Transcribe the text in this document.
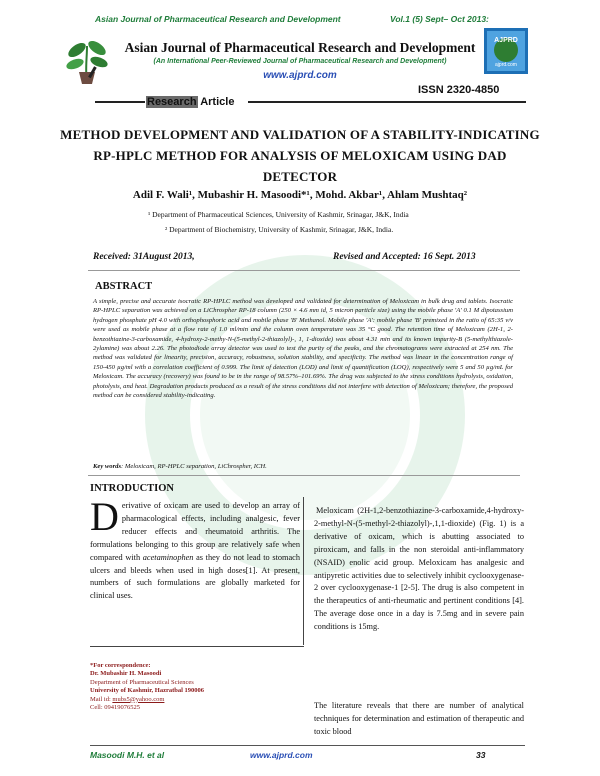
Asian Journal of Pharmaceutical Research and Development	Vol.1 (5) Sept– Oct 2013:
AJPRD
ajprd.com
Asian Journal of Pharmaceutical Research and Development
(An International Peer-Reviewed Journal of Pharmaceutical Research and Development)
www.ajprd.com
ISSN 2320-4850
Research Article
METHOD DEVELOPMENT AND VALIDATION OF A STABILITY-INDICATING RP-HPLC METHOD FOR ANALYSIS OF MELOXICAM USING DAD DETECTOR
Adil F. Wali¹, Mubashir H. Masoodi*¹, Mohd. Akbar¹, Ahlam Mushtaq²
¹ Department of Pharmaceutical Sciences, University of Kashmir, Srinagar, J&K, India
² Department of Biochemistry, University of Kashmir, Srinagar, J&K, India.
Received: 31August 2013,	Revised and Accepted: 16 Sept. 2013
ABSTRACT
A simple, precise and accurate isocratic RP-HPLC method was developed and validated for determination of Meloxicam in bulk drug and tablets. Isocratic RP-HPLC separation was achieved on a LiChrospher RP-18 column (250 × 4.6 mm id, 5 micron particle size) using the mobile phase 'A' 0.1 M dipotassium hydrogen phosphate pH 4.0 with orthophosphoric acid and mobile phase 'B' Methanol. Mobile phase 'A': mobile phase 'B' premixed in the ratio of 65:35 v/v were used as mobile phase at a flow rate of 1.0 ml/min and the column oven temperature was 35 °C good. The retention time of Meloxicam (2H-1, 2-benzothiazine-3-carboxamide, 4-hydroxy-2-methy-N-(5-methyl-2-thiazolyl)-, 1, 1-dioxide) was about 4.31 min and its known impurity-B (5-methylthiazole-2ylamine) was about 2.26. The photodiode array detector was used to test the purity of the peaks, and the chromatograms were extracted at 254 nm. The method was validated for linearity, precision, accuracy, robustness, solution stability, and specificity. The method was linear in the concentration range of 150-450 µg/ml with a correlation coefficient of 0.999. The limit of detection (LOD) and limit of quantification (LOQ), respectively were 5 and 50 µg/mL for Meloxicam. The accuracy (recovery) was found to be in the range of 98.57%–101.69%. The drug was subjected to the stress conditions hydrolysis, oxidation, photolysis, and heat. Degradation products produced as a result of the stress conditions did not interfere with detection of Meloxicam; therefore, the proposed method can be considered stability-indicating.
Key words: Meloxicam, RP-HPLC separation, LiChrospher, ICH.
INTRODUCTION
Derivative of oxicam are used to develop an array of pharmacological effects, including analgesic, fever reducer effects and rheumatoid arthritis. The formulations belonging to this group are relatively safe when compared with acetaminophen as they do not lead to stomach ulcers and bleeds when used in high doses[1]. At present, numbers of such formulations are globally marketed for clinical uses.
Meloxicam (2H-1,2-benzothiazine-3-carboxamide,4-hydroxy-2-methyl-N-(5-methyl-2-thiazolyl)-,1,1-dioxide) (Fig. 1) is a derivative of oxicam, which is abutting associated to piroxicam, and falls in the non steroidal anti-inflammatory (NSAID) enolic acid group. Meloxicam has analgesic and antipyretic activities due to selectively inhibit cyclooxygenase-2 over cyclooxygenase-1 [2-5]. The drug is also competent in the therapeutics of anti-rheumatic and pertinent conditions [4]. The average dose once in a day is 7.5mg and in severe pain conditions is 15mg.
The literature reveals that there are number of analytical techniques for determination and estimation of therapeutic and toxic blood
*For correspondence:
Dr. Mubashir H. Masoodi
Department of Pharmaceutical Sciences
University of Kashmir, Hazratbal 190006
Mail id: mubs5@yahoo.com
Cell: 09419076525
Masoodi M.H. et al	www.ajprd.com	33
